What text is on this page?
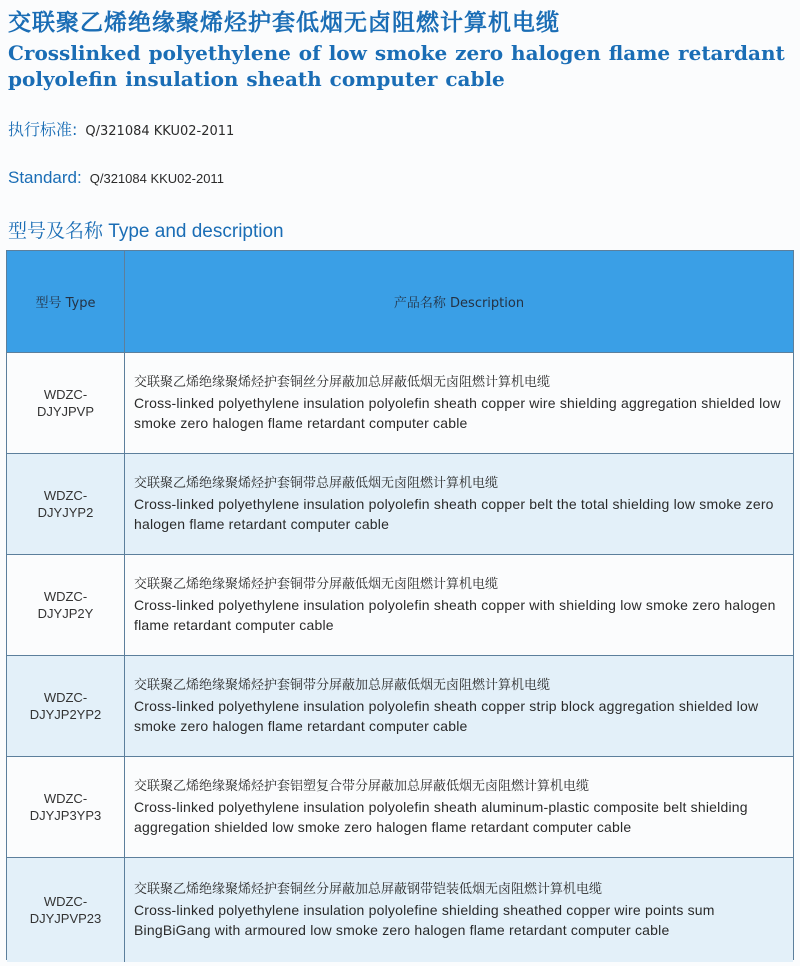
交联聚乙烯绝缘聚烯烃护套低烟无卤阻燃计算机电缆
Crosslinked polyethylene of low smoke zero halogen flame retardant polyolefin insulation sheath computer cable
执行标准: Q/321084 KKU02-2011
Standard: Q/321084 KKU02-2011
型号及名称 Type and description
型号 Type	产品名称 Description
WDZC-
DJYJPVP
交联聚乙烯绝缘聚烯烃护套铜丝分屏蔽加总屏蔽低烟无卤阻燃计算机电缆
Cross-linked polyethylene insulation polyolefin sheath copper wire shielding aggregation shielded low smoke zero halogen flame retardant computer cable
WDZC-
DJYJYP2
交联聚乙烯绝缘聚烯烃护套铜带总屏蔽低烟无卤阻燃计算机电缆
Cross-linked polyethylene insulation polyolefin sheath copper belt the total shielding low smoke zero halogen flame retardant computer cable
WDZC-
DJYJP2Y
交联聚乙烯绝缘聚烯烃护套铜带分屏蔽低烟无卤阻燃计算机电缆
Cross-linked polyethylene insulation polyolefin sheath copper with shielding low smoke zero halogen flame retardant computer cable
WDZC-
DJYJP2YP2
交联聚乙烯绝缘聚烯烃护套铜带分屏蔽加总屏蔽低烟无卤阻燃计算机电缆
Cross-linked polyethylene insulation polyolefin sheath copper strip block aggregation shielded low smoke zero halogen flame retardant computer cable
WDZC-
DJYJP3YP3
交联聚乙烯绝缘聚烯烃护套铝塑复合带分屏蔽加总屏蔽低烟无卤阻燃计算机电缆
Cross-linked polyethylene insulation polyolefin sheath aluminum-plastic composite belt shielding aggregation shielded low smoke zero halogen flame retardant computer cable
WDZC-
DJYJPVP23
交联聚乙烯绝缘聚烯烃护套铜丝分屏蔽加总屏蔽钢带铠装低烟无卤阻燃计算机电缆
Cross-linked polyethylene insulation polyolefine shielding sheathed copper wire points sum BingBiGang with armoured low smoke zero halogen flame retardant computer cable
